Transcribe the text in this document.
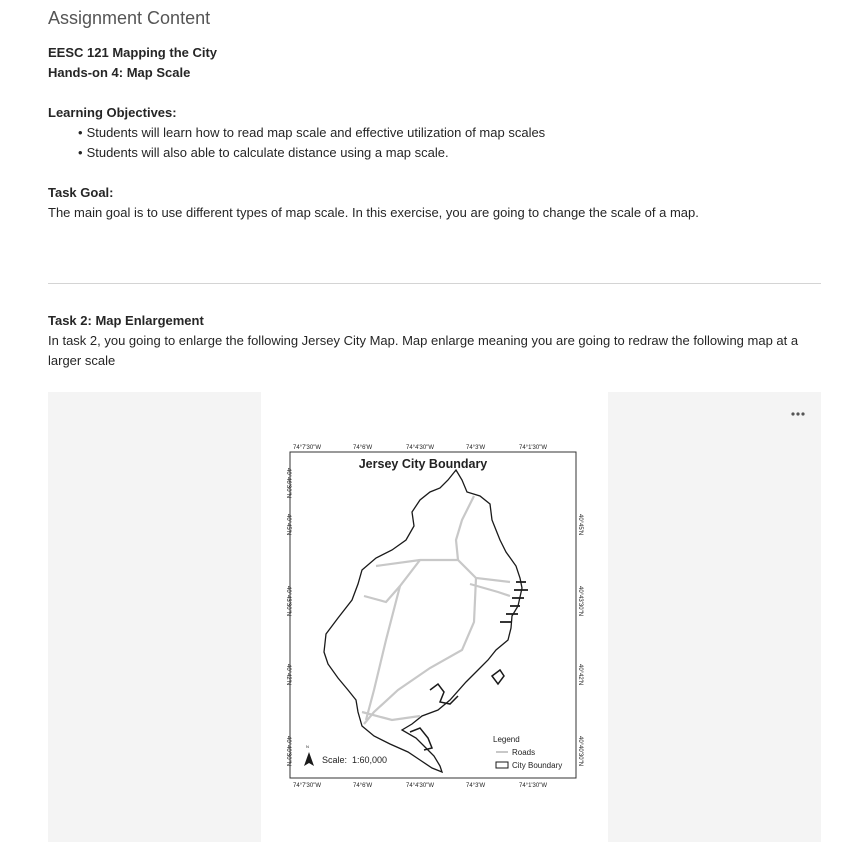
Assignment Content
EESC 121 Mapping the City
Hands-on 4: Map Scale
Learning Objectives:
• Students will learn how to read map scale and effective utilization of map scales
• Students will also able to calculate distance using a map scale.
Task Goal:
The main goal is to use different types of map scale. In this exercise, you are going to change the scale of a map.
Task 2: Map Enlargement
In task 2, you going to enlarge the following Jersey City Map. Map enlarge meaning you are going to redraw the following map at a
larger scale
74°7'30"W	74°6'W	74°4'30"W	74°3'W	74°1'30"W
74°7'30"W	74°6'W	74°4'30"W	74°3'W	74°1'30"W
40°46'30"N
40°45'N
40°43'30"N
40°42'N
40°40'30"N
40°45'N
40°43'30"N
40°42'N
40°40'30"N
Jersey City Boundary
N
Scale: 1:60,000
Legend
Roads
City Boundary
